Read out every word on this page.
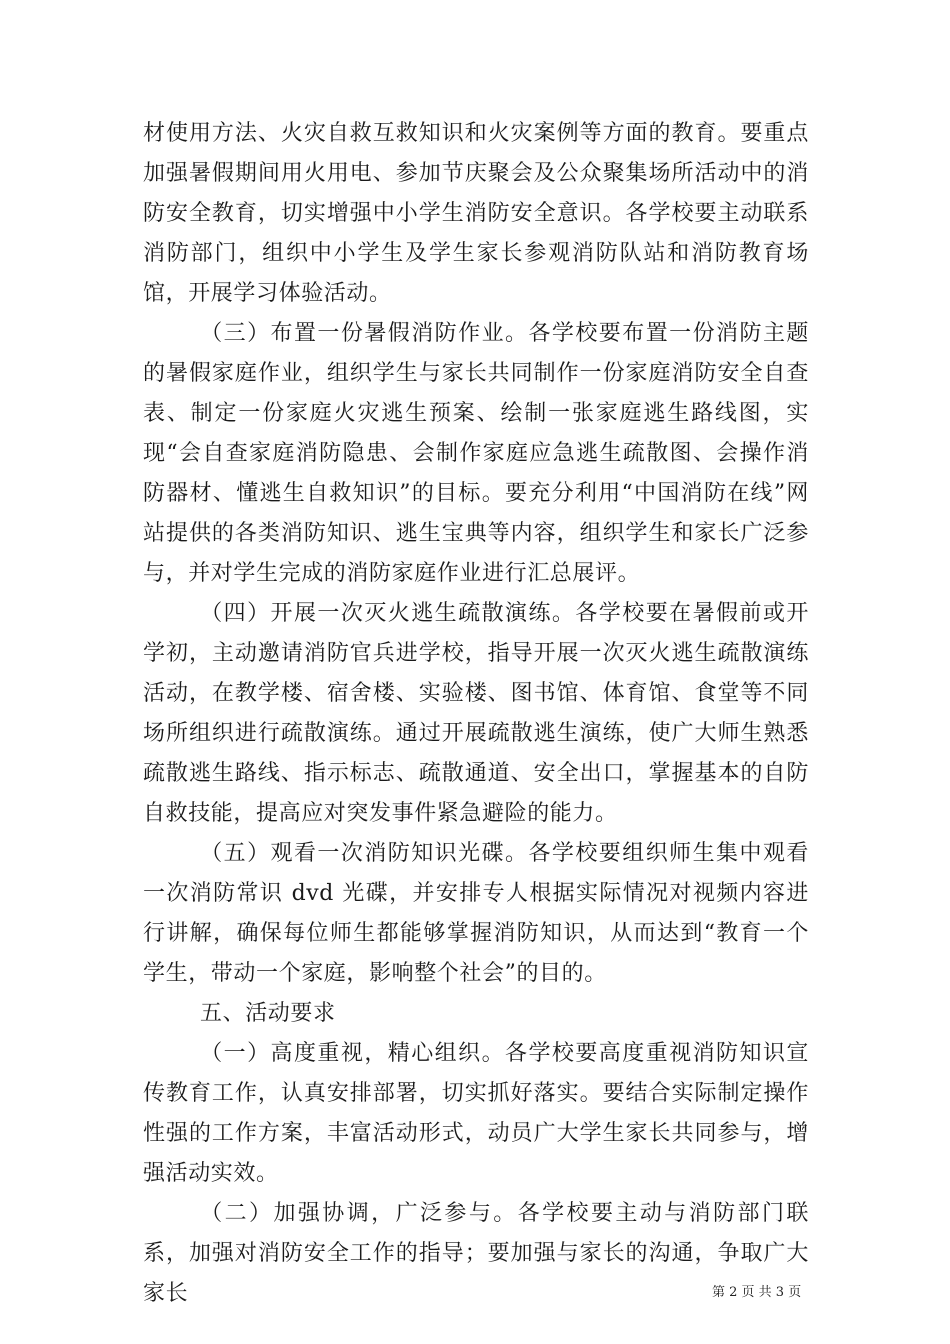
材使用方法、火灾自救互救知识和火灾案例等方面的教育。要重点加强暑假期间用火用电、参加节庆聚会及公众聚集场所活动中的消防安全教育，切实增强中小学生消防安全意识。各学校要主动联系消防部门，组织中小学生及学生家长参观消防队站和消防教育场馆，开展学习体验活动。

（三）布置一份暑假消防作业。各学校要布置一份消防主题的暑假家庭作业，组织学生与家长共同制作一份家庭消防安全自查表、制定一份家庭火灾逃生预案、绘制一张家庭逃生路线图，实现“会自查家庭消防隐患、会制作家庭应急逃生疏散图、会操作消防器材、懂逃生自救知识”的目标。要充分利用“中国消防在线”网站提供的各类消防知识、逃生宝典等内容，组织学生和家长广泛参与，并对学生完成的消防家庭作业进行汇总展评。

（四）开展一次灭火逃生疏散演练。各学校要在暑假前或开学初，主动邀请消防官兵进学校，指导开展一次灭火逃生疏散演练活动，在教学楼、宿舍楼、实验楼、图书馆、体育馆、食堂等不同场所组织进行疏散演练。通过开展疏散逃生演练，使广大师生熟悉疏散逃生路线、指示标志、疏散通道、安全出口，掌握基本的自防自救技能，提高应对突发事件紧急避险的能力。

（五）观看一次消防知识光碟。各学校要组织师生集中观看一次消防常识 dvd 光碟，并安排专人根据实际情况对视频内容进行讲解，确保每位师生都能够掌握消防知识，从而达到“教育一个学生，带动一个家庭，影响整个社会”的目的。

五、活动要求

（一）高度重视，精心组织。各学校要高度重视消防知识宣传教育工作，认真安排部署，切实抓好落实。要结合实际制定操作性强的工作方案，丰富活动形式，动员广大学生家长共同参与，增强活动实效。

（二）加强协调，广泛参与。各学校要主动与消防部门联系，加强对消防安全工作的指导；要加强与家长的沟通，争取广大家长	第 2 页 共 3 页
